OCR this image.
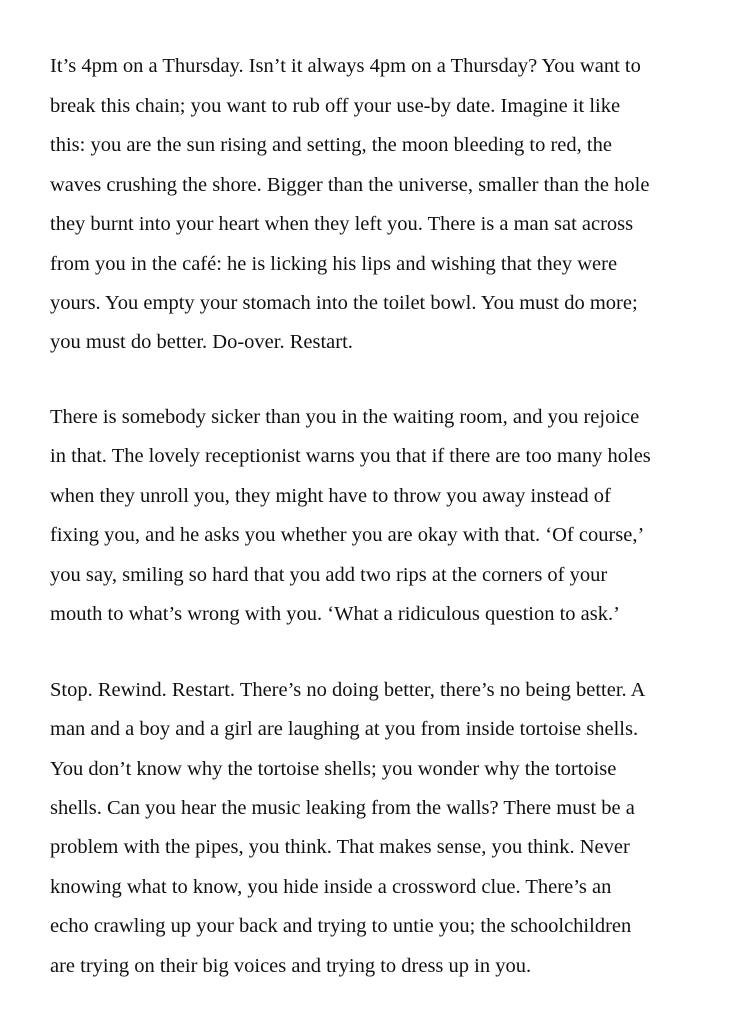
It’s 4pm on a Thursday. Isn’t it always 4pm on a Thursday? You want to
break this chain; you want to rub off your use-by date. Imagine it like
this: you are the sun rising and setting, the moon bleeding to red, the
waves crushing the shore. Bigger than the universe, smaller than the hole
they burnt into your heart when they left you. There is a man sat across
from you in the café: he is licking his lips and wishing that they were
yours. You empty your stomach into the toilet bowl. You must do more;
you must do better. Do-over. Restart.
There is somebody sicker than you in the waiting room, and you rejoice
in that. The lovely receptionist warns you that if there are too many holes
when they unroll you, they might have to throw you away instead of
fixing you, and he asks you whether you are okay with that. ‘Of course,’
you say, smiling so hard that you add two rips at the corners of your
mouth to what’s wrong with you. ‘What a ridiculous question to ask.’
Stop. Rewind. Restart. There’s no doing better, there’s no being better. A
man and a boy and a girl are laughing at you from inside tortoise shells.
You don’t know why the tortoise shells; you wonder why the tortoise
shells. Can you hear the music leaking from the walls? There must be a
problem with the pipes, you think. That makes sense, you think. Never
knowing what to know, you hide inside a crossword clue. There’s an
echo crawling up your back and trying to untie you; the schoolchildren
are trying on their big voices and trying to dress up in you.
